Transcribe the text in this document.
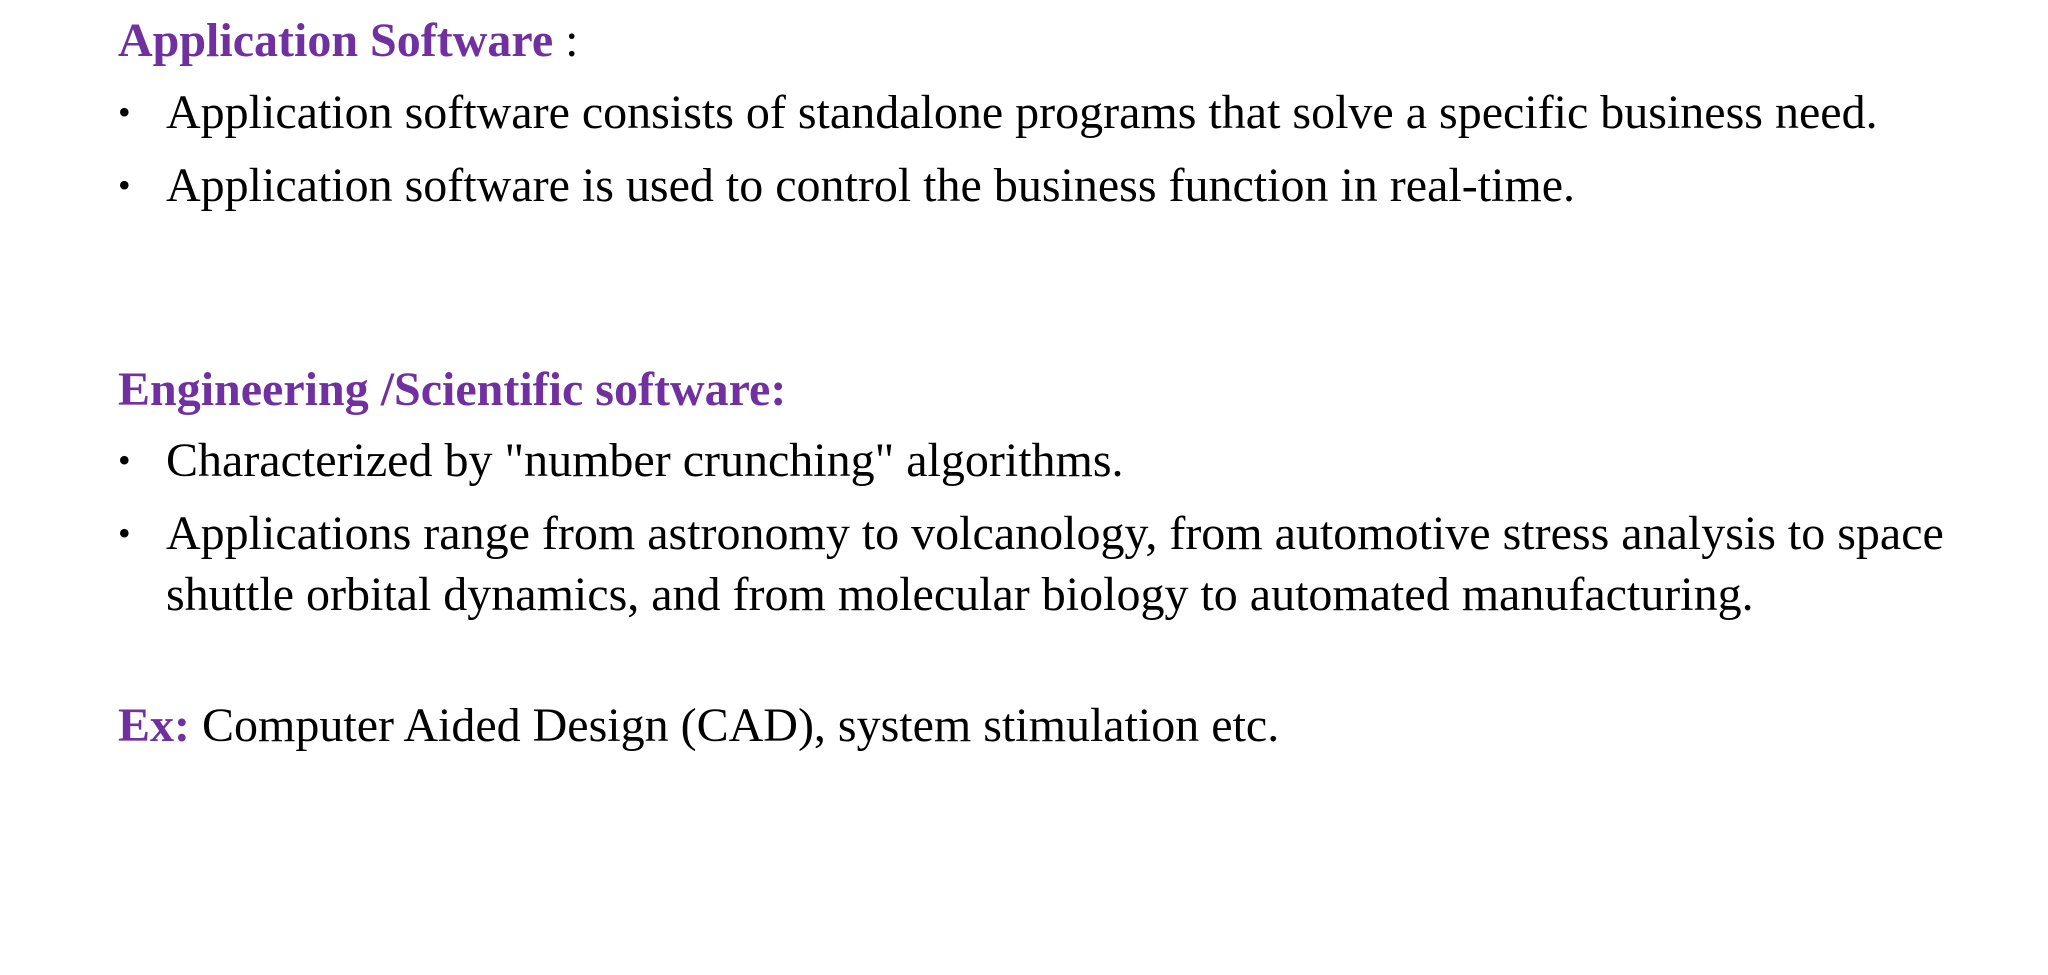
Application Software :
• Application software consists of standalone programs that solve a specific business need.
• Application software is used to control the business function in real-time.
Engineering /Scientific software:
• Characterized by "number crunching" algorithms.
• Applications range from astronomy to volcanology, from automotive stress analysis to space shuttle orbital dynamics, and from molecular biology to automated manufacturing.

Ex: Computer Aided Design (CAD), system stimulation etc.
